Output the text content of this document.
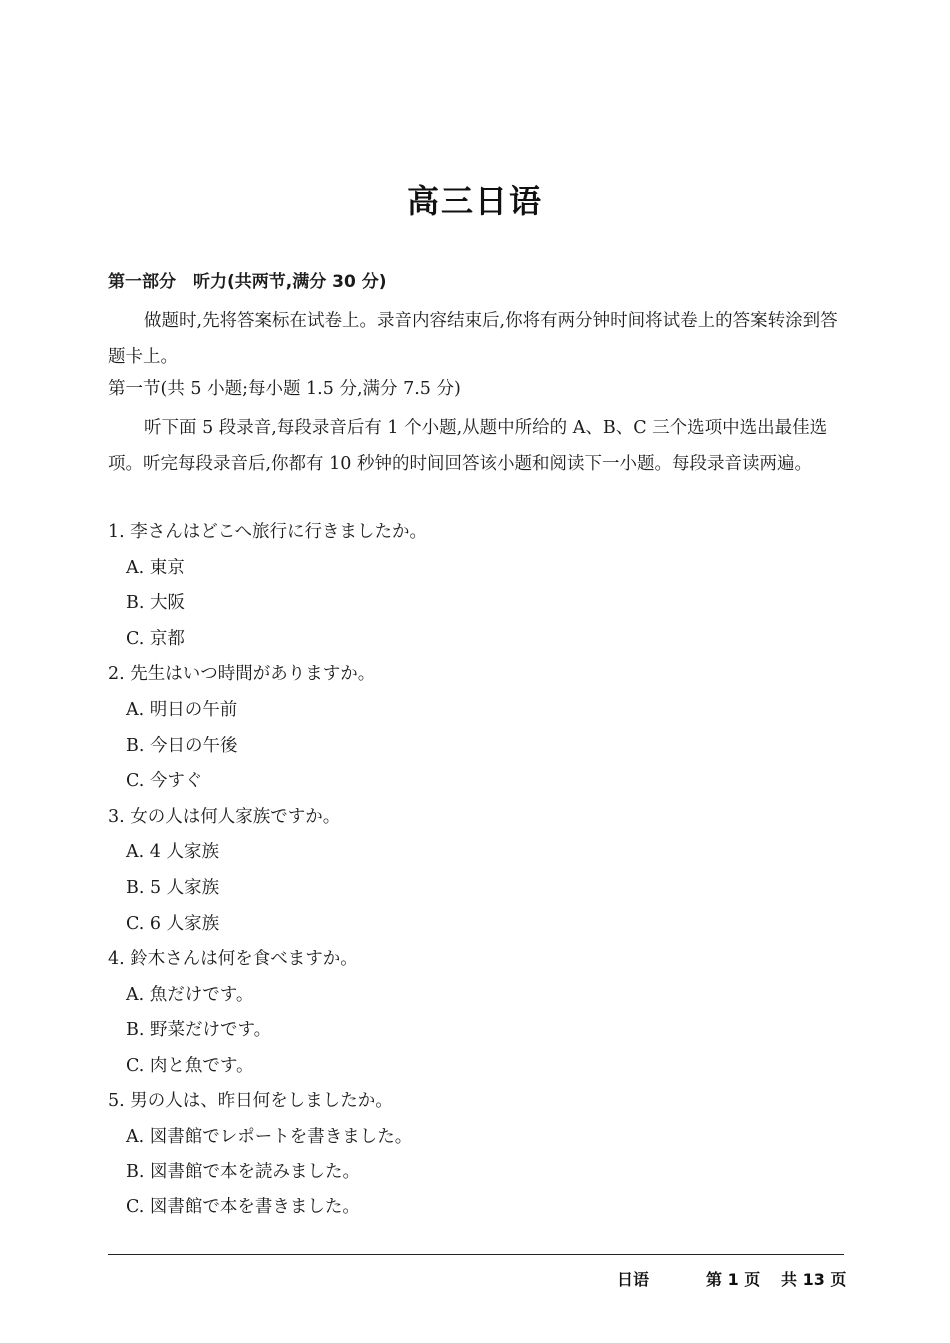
高三日语
第一部分　听力(共两节,满分 30 分)
做题时,先将答案标在试卷上。录音内容结束后,你将有两分钟时间将试卷上的答案转涂到答题卡上。
第一节(共 5 小题;每小题 1.5 分,满分 7.5 分)
听下面 5 段录音,每段录音后有 1 个小题,从题中所给的 A、B、C 三个选项中选出最佳选项。听完每段录音后,你都有 10 秒钟的时间回答该小题和阅读下一小题。每段录音读两遍。
1. 李さんはどこへ旅行に行きましたか。
A. 東京
B. 大阪
C. 京都
2. 先生はいつ時間がありますか。
A. 明日の午前
B. 今日の午後
C. 今すぐ
3. 女の人は何人家族ですか。
A. 4 人家族
B. 5 人家族
C. 6 人家族
4. 鈴木さんは何を食べますか。
A. 魚だけです。
B. 野菜だけです。
C. 肉と魚です。
5. 男の人は、昨日何をしましたか。
A. 図書館でレポートを書きました。
B. 図書館で本を読みました。
C. 図書館で本を書きました。
日语	第 1 页 共 13 页
